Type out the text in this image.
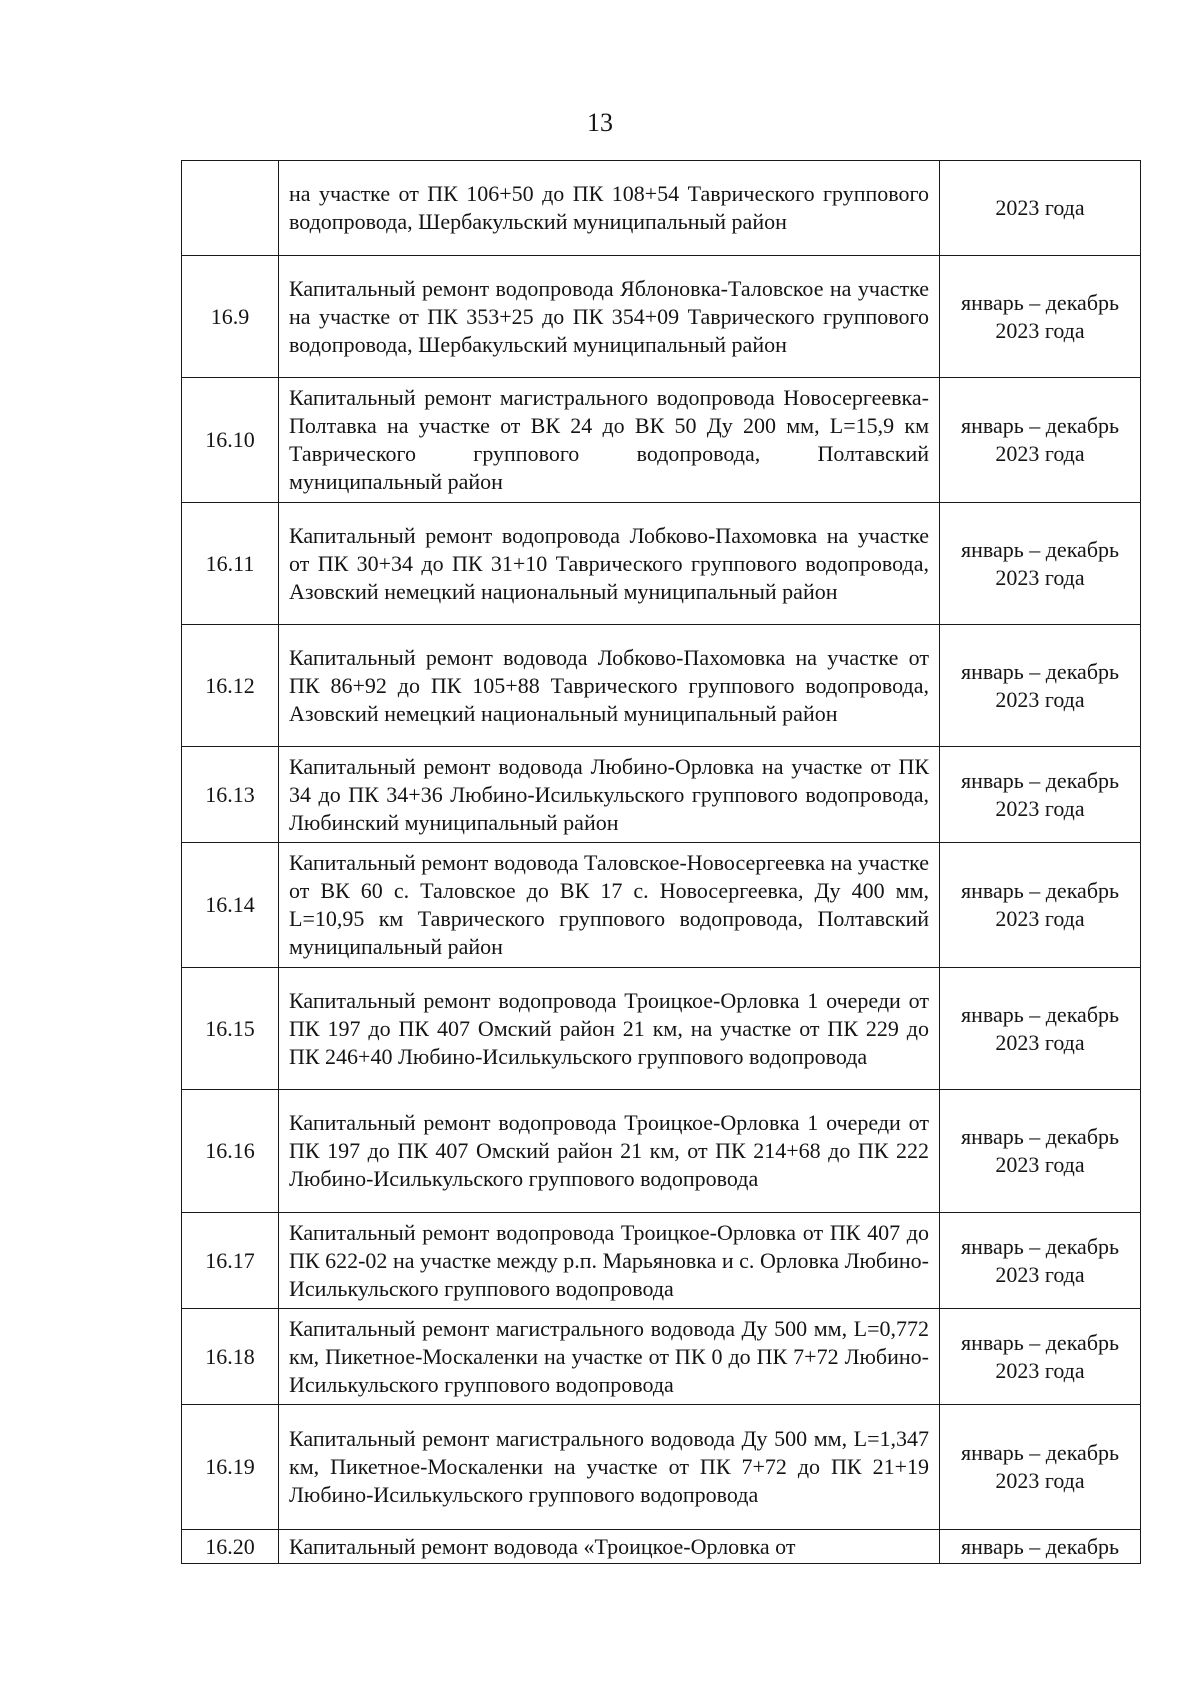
13
	на участке от ПК 106+50 до ПК 108+54 Таврического группового водопровода, Шербакульский муниципальный район	2023 года

16.9	Капитальный ремонт водопровода Яблоновка-Таловское на участке на участке от ПК 353+25 до ПК 354+09 Таврического группового водопровода, Шербакульский муниципальный район	январь – декабрь
2023 года

16.10	Капитальный ремонт магистрального водопровода Новосергеевка-Полтавка на участке от ВК 24 до ВК 50 Ду 200 мм, L=15,9 км Таврического группового водопровода, Полтавский муниципальный район	январь – декабрь
2023 года

16.11	Капитальный ремонт водопровода Лобково-Пахомовка на участке от ПК 30+34 до ПК 31+10 Таврического группового водопровода, Азовский немецкий национальный муниципальный район	январь – декабрь
2023 года

16.12	Капитальный ремонт водовода Лобково-Пахомовка на участке от ПК 86+92 до ПК 105+88 Таврического группового водопровода, Азовский немецкий национальный муниципальный район	январь – декабрь
2023 года

16.13	Капитальный ремонт водовода Любино-Орловка на участке от ПК 34 до ПК 34+36 Любино-Исилькульского группового водопровода, Любинский муниципальный район	январь – декабрь
2023 года

16.14	Капитальный ремонт водовода Таловское-Новосергеевка на участке от ВК 60 с. Таловское до ВК 17 с. Новосергеевка, Ду 400 мм, L=10,95 км Таврического группового водопровода, Полтавский муниципальный район	январь – декабрь
2023 года

16.15	Капитальный ремонт водопровода Троицкое-Орловка 1 очереди от ПК 197 до ПК 407 Омский район 21 км, на участке от ПК 229 до ПК 246+40 Любино-Исилькульского группового водопровода	январь – декабрь
2023 года

16.16	Капитальный ремонт водопровода Троицкое-Орловка 1 очереди от ПК 197 до ПК 407 Омский район 21 км, от ПК 214+68 до ПК 222 Любино-Исилькульского группового водопровода	январь – декабрь
2023 года

16.17	Капитальный ремонт водопровода Троицкое-Орловка от ПК 407 до ПК 622-02 на участке между р.п. Марьяновка и с. Орловка Любино-Исилькульского группового водопровода	январь – декабрь
2023 года

16.18	Капитальный ремонт магистрального водовода Ду 500 мм, L=0,772 км, Пикетное-Москаленки на участке от ПК 0 до ПК 7+72 Любино-Исилькульского группового водопровода	январь – декабрь
2023 года

16.19	Капитальный ремонт магистрального водовода Ду 500 мм, L=1,347 км, Пикетное-Москаленки на участке от ПК 7+72 до ПК 21+19 Любино-Исилькульского группового водопровода	январь – декабрь
2023 года

16.20	Капитальный ремонт водовода «Троицкое-Орловка от	январь – декабрь
